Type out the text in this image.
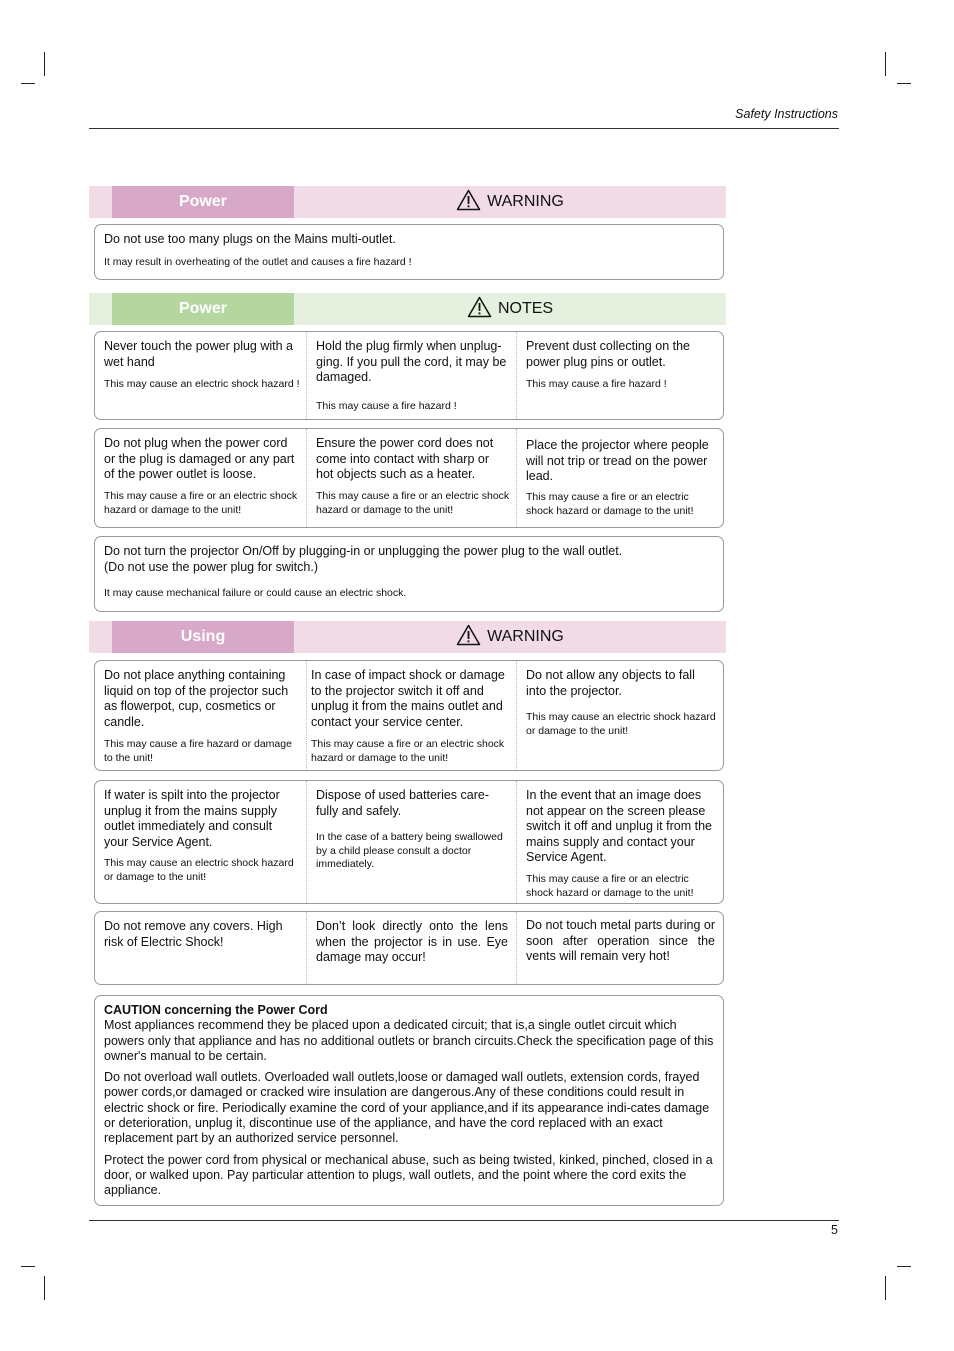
Safety Instructions
Power	WARNING

Do not use too many plugs on the Mains multi-outlet.

It may result in overheating of the outlet and causes a fire hazard !

Power	NOTES

Never touch the power plug with a wet hand

This may cause an electric shock hazard !

Hold the plug firmly when unplug-ging. If you pull the cord, it may be damaged.

This may cause a fire hazard !

Prevent dust collecting on the power plug pins or outlet.

This may cause a fire hazard !

Do not plug when the power cord or the plug is damaged or any part of the power outlet is loose.

This may cause a fire or an electric shock hazard or damage to the unit!

Ensure the power cord does not come into contact with sharp or hot objects such as a heater.

This may cause a fire or an electric shock hazard or damage to the unit!

Place the projector where people will not trip or tread on the power lead.

This may cause a fire or an electric shock hazard or damage to the unit!

Do not turn the projector On/Off by plugging-in or unplugging the power plug to the wall outlet.

(Do not use the power plug for switch.)

It may cause mechanical failure or could cause an electric shock.

Using	WARNING

Do not place anything containing liquid on top of the projector such as flowerpot, cup, cosmetics or candle.

This may cause a fire hazard or damage to the unit!

In case of impact shock or damage to the projector switch it off and unplug it from the mains outlet and contact your service center.

This may cause a fire or an electric shock hazard or damage to the unit!

Do not allow any objects to fall into the projector.

This may cause an electric shock hazard or damage to the unit!

If water is spilt into the projector unplug it from the mains supply outlet immediately and consult your Service Agent.

This may cause an electric shock hazard or damage to the unit!

Dispose of used batteries care-fully and safely.

In the case of a battery being swallowed by a child please consult a doctor immediately.

In the event that an image does not appear on the screen please switch it off and unplug it from the mains supply and contact your Service Agent.

This may cause a fire or an electric shock hazard or damage to the unit!

Do not remove any covers. High risk of Electric Shock!

Don’t look directly onto the lens when the projector is in use. Eye damage may occur!

Do not touch metal parts during or soon after operation since the vents will remain very hot!

CAUTION concerning the Power Cord

Most appliances recommend they be placed upon a dedicated circuit; that is,a single outlet circuit which powers only that appliance and has no additional outlets or branch circuits.Check the specification page of this owner's manual to be certain.

Do not overload wall outlets. Overloaded wall outlets,loose or damaged wall outlets, extension cords, frayed power cords,or damaged or cracked wire insulation are dangerous.Any of these conditions could result in electric shock or fire. Periodically examine the cord of your appliance,and if its appearance indi-cates damage or deterioration, unplug it, discontinue use of the appliance, and have the cord replaced with an exact replacement part by an authorized service personnel.

Protect the power cord from physical or mechanical abuse, such as being twisted, kinked, pinched, closed in a door, or walked upon. Pay particular attention to plugs, wall outlets, and the point where the cord exits the appliance.

5
